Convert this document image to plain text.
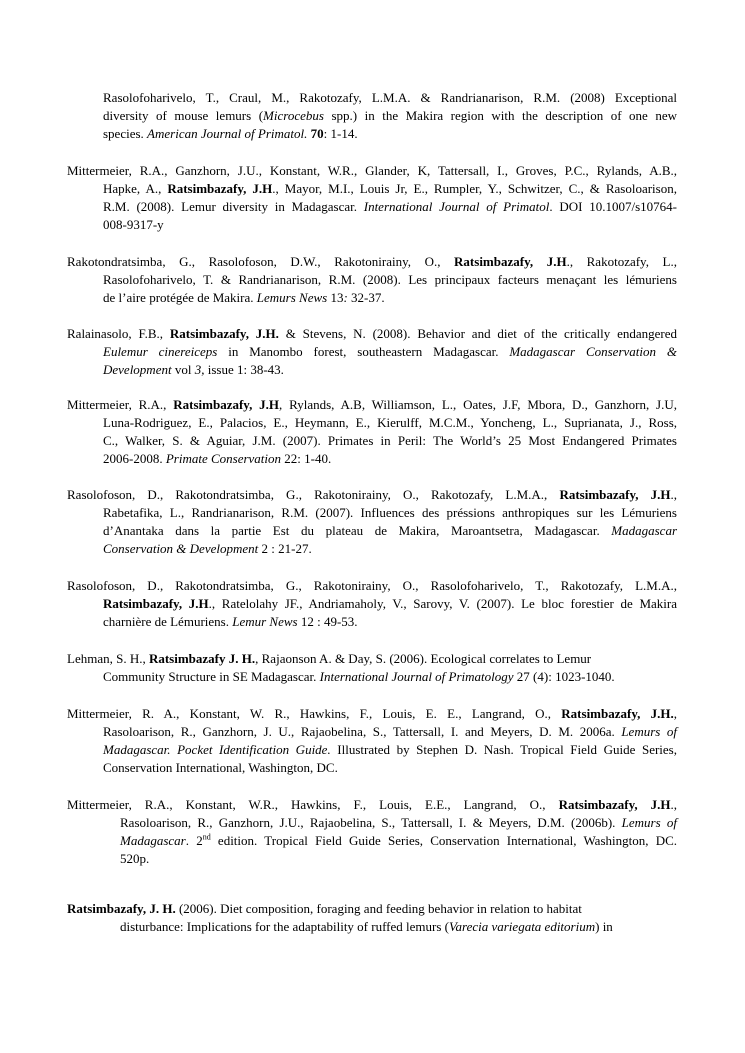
Rasolofoharivelo, T., Craul, M., Rakotozafy, L.M.A. & Randrianarison, R.M. (2008) Exceptional
diversity of mouse lemurs (Microcebus spp.) in the Makira region with the description of one new
species. American Journal of Primatol. 70: 1-14.
Mittermeier, R.A., Ganzhorn, J.U., Konstant, W.R., Glander, K, Tattersall, I., Groves, P.C., Rylands, A.B.,
Hapke, A., Ratsimbazafy, J.H., Mayor, M.I., Louis Jr, E., Rumpler, Y., Schwitzer, C., & Rasoloarison,
R.M. (2008). Lemur diversity in Madagascar. International Journal of Primatol. DOI 10.1007/s10764-
008-9317-y
Rakotondratsimba, G., Rasolofoson, D.W., Rakotonirainy, O., Ratsimbazafy, J.H., Rakotozafy, L.,
Rasolofoharivelo, T. & Randrianarison, R.M. (2008). Les principaux facteurs menaçant les lémuriens
de l’aire protégée de Makira. Lemurs News 13: 32-37.
Ralainasolo, F.B., Ratsimbazafy, J.H. & Stevens, N. (2008). Behavior and diet of the critically endangered
Eulemur cinereiceps in Manombo forest, southeastern Madagascar. Madagascar Conservation &
Development vol 3, issue 1: 38-43.
Mittermeier, R.A., Ratsimbazafy, J.H, Rylands, A.B, Williamson, L., Oates, J.F, Mbora, D., Ganzhorn, J.U,
Luna-Rodriguez, E., Palacios, E., Heymann, E., Kierulff, M.C.M., Yoncheng, L., Suprianata, J., Ross,
C., Walker, S. & Aguiar, J.M. (2007). Primates in Peril: The World’s 25 Most Endangered Primates
2006-2008. Primate Conservation 22: 1-40.
Rasolofoson, D., Rakotondratsimba, G., Rakotonirainy, O., Rakotozafy, L.M.A., Ratsimbazafy, J.H.,
Rabetafika, L., Randrianarison, R.M. (2007). Influences des préssions anthropiques sur les Lémuriens
d’Anantaka dans la partie Est du plateau de Makira, Maroantsetra, Madagascar. Madagascar
Conservation & Development 2 : 21-27.
Rasolofoson, D., Rakotondratsimba, G., Rakotonirainy, O., Rasolofoharivelo, T., Rakotozafy, L.M.A.,
Ratsimbazafy, J.H., Ratelolahy JF., Andriamaholy, V., Sarovy, V. (2007). Le bloc forestier de Makira
charnière de Lémuriens. Lemur News 12 : 49-53.
Lehman, S. H., Ratsimbazafy J. H., Rajaonson A. & Day, S. (2006). Ecological correlates to Lemur
Community Structure in SE Madagascar. International Journal of Primatology 27 (4): 1023-1040.
Mittermeier, R. A., Konstant, W. R., Hawkins, F., Louis, E. E., Langrand, O., Ratsimbazafy, J.H.,
Rasoloarison, R., Ganzhorn, J. U., Rajaobelina, S., Tattersall, I. and Meyers, D. M. 2006a. Lemurs of
Madagascar. Pocket Identification Guide. Illustrated by Stephen D. Nash. Tropical Field Guide Series,
Conservation International, Washington, DC.
Mittermeier, R.A., Konstant, W.R., Hawkins, F., Louis, E.E., Langrand, O., Ratsimbazafy, J.H.,
Rasoloarison, R., Ganzhorn, J.U., Rajaobelina, S., Tattersall, I. & Meyers, D.M. (2006b). Lemurs of
Madagascar. 2nd edition. Tropical Field Guide Series, Conservation International, Washington, DC.
520p.
Ratsimbazafy, J. H. (2006). Diet composition, foraging and feeding behavior in relation to habitat
disturbance: Implications for the adaptability of ruffed lemurs (Varecia variegata editorium) in
